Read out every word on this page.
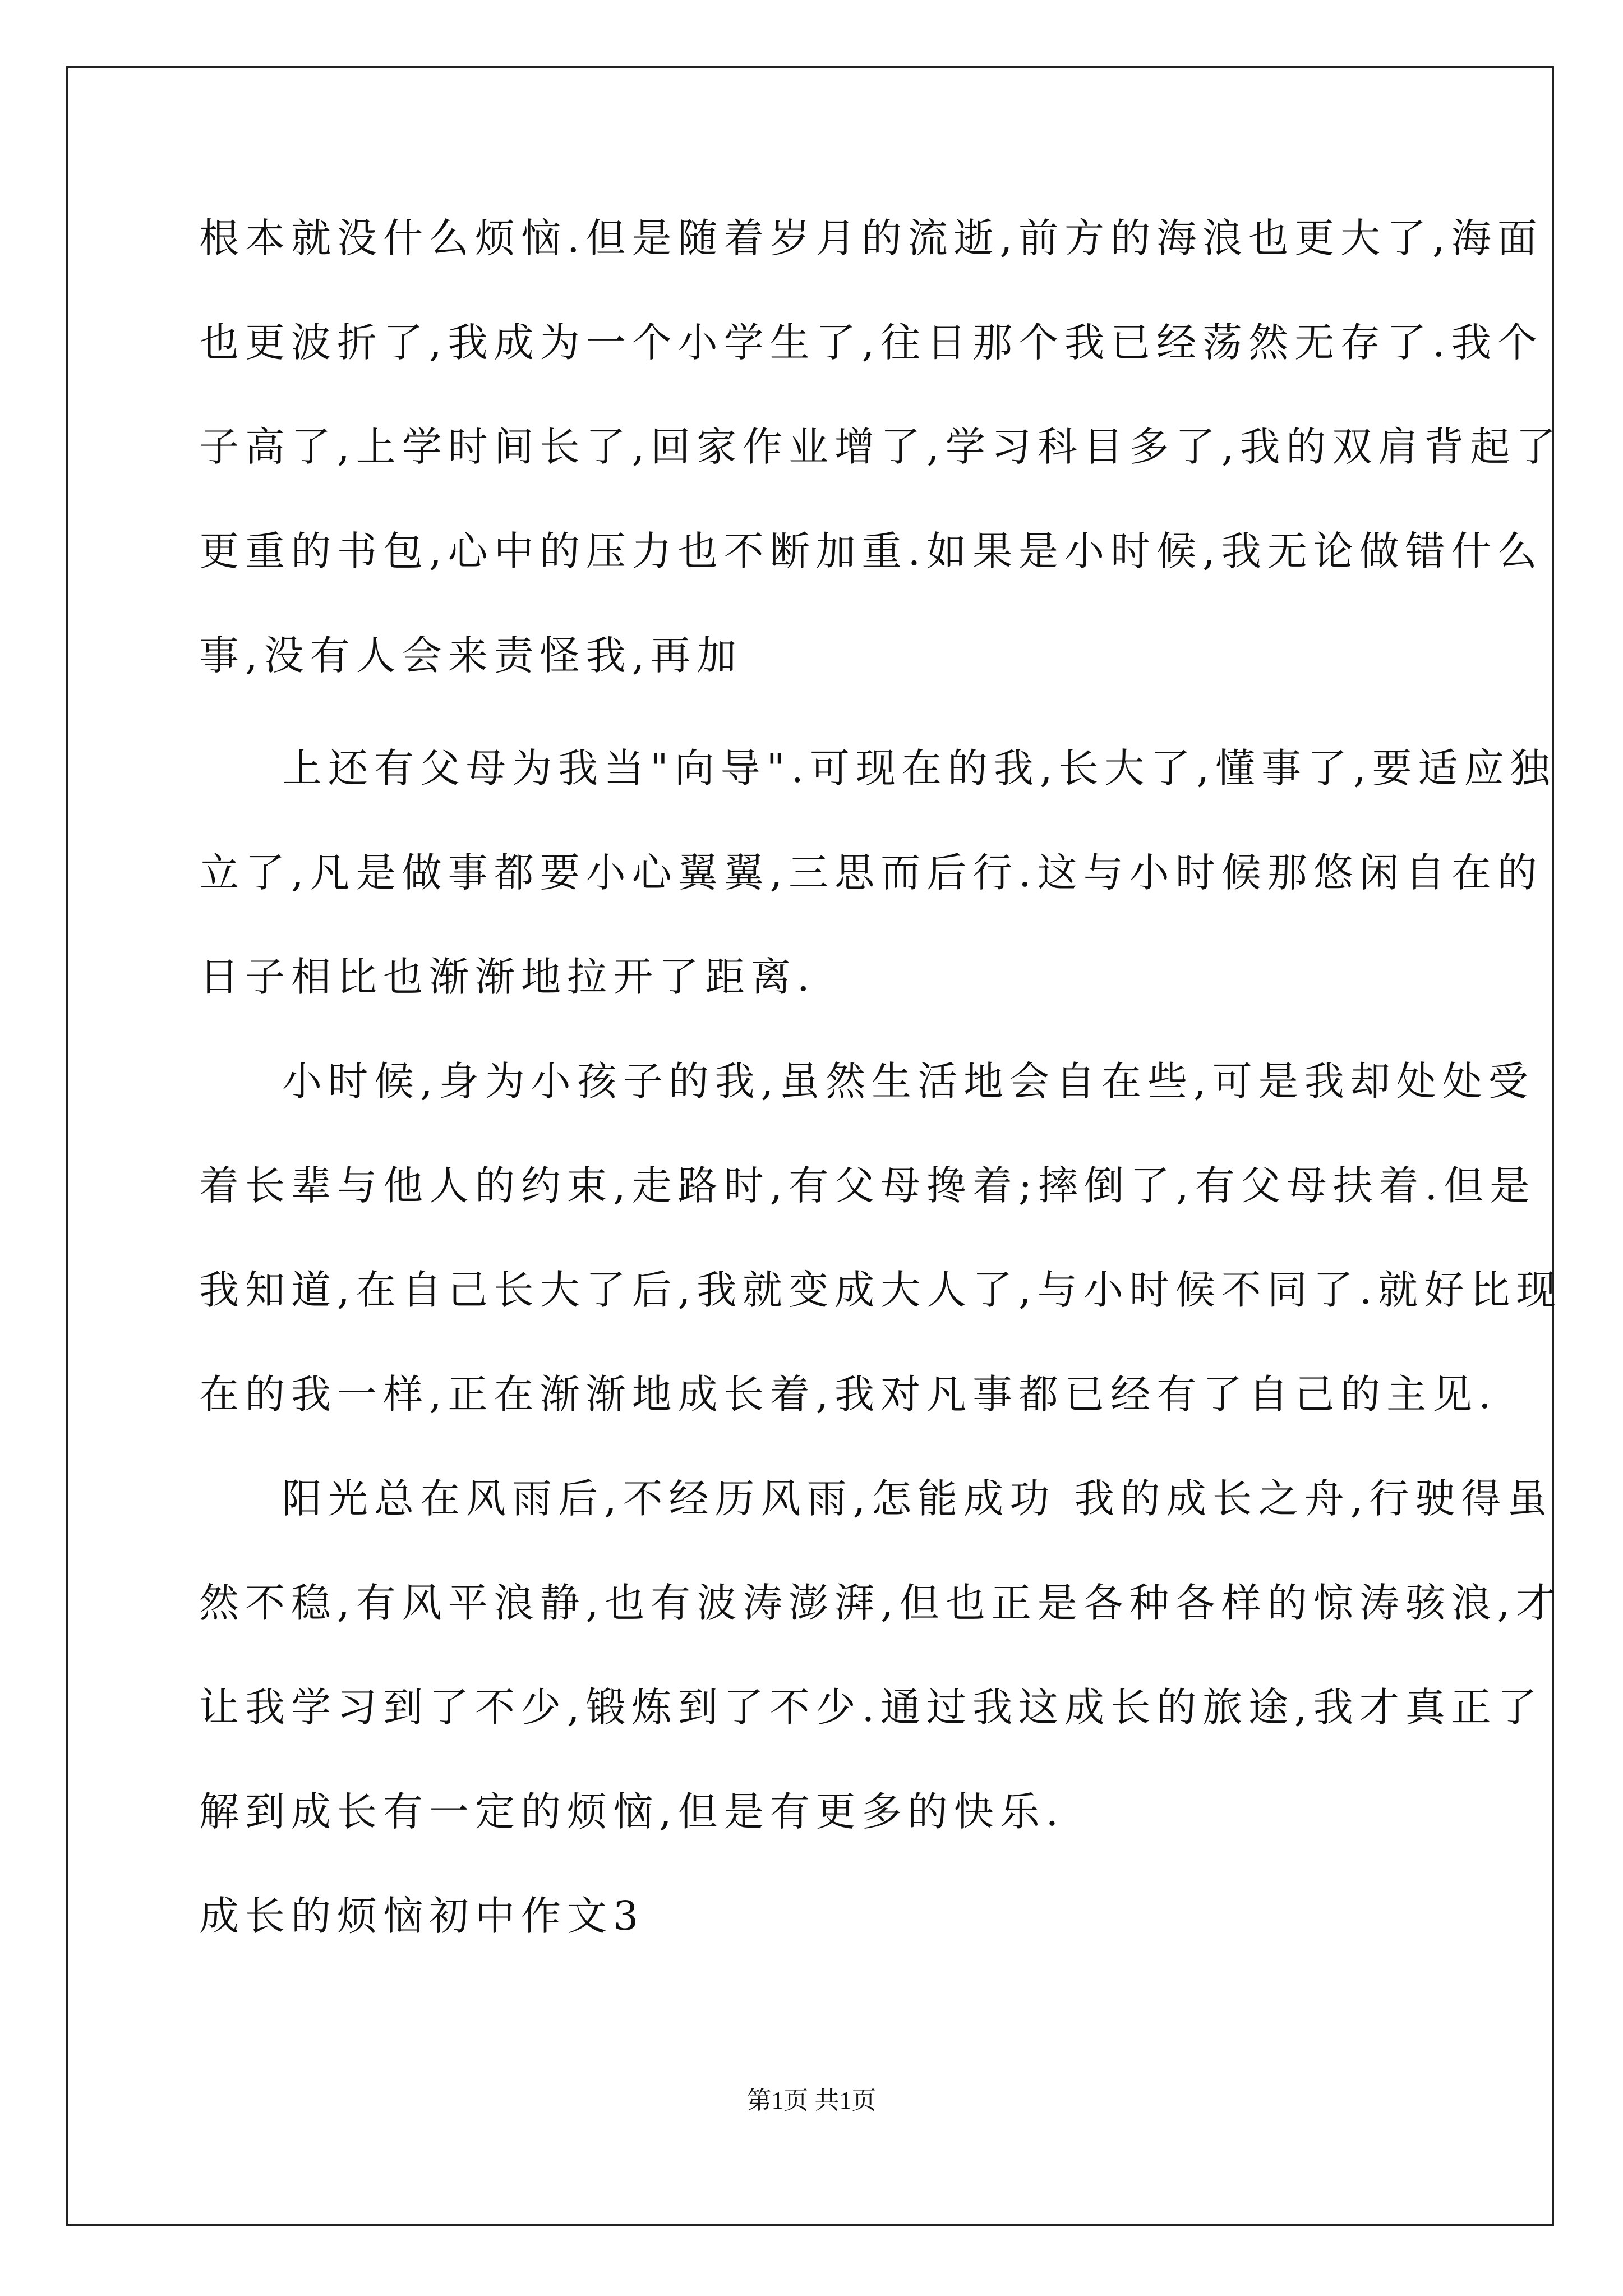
根本就没什么烦恼.但是随着岁月的流逝,前方的海浪也更大了,海面
也更波折了,我成为一个小学生了,往日那个我已经荡然无存了.我个
子高了,上学时间长了,回家作业增了,学习科目多了,我的双肩背起了
更重的书包,心中的压力也不断加重.如果是小时候,我无论做错什么
事,没有人会来责怪我,再加
上还有父母为我当"向导".可现在的我,长大了,懂事了,要适应独
立了,凡是做事都要小心翼翼,三思而后行.这与小时候那悠闲自在的
日子相比也渐渐地拉开了距离.
小时候,身为小孩子的我,虽然生活地会自在些,可是我却处处受
着长辈与他人的约束,走路时,有父母搀着;摔倒了,有父母扶着.但是
我知道,在自己长大了后,我就变成大人了,与小时候不同了.就好比现
在的我一样,正在渐渐地成长着,我对凡事都已经有了自己的主见.
阳光总在风雨后,不经历风雨,怎能成功 我的成长之舟,行驶得虽
然不稳,有风平浪静,也有波涛澎湃,但也正是各种各样的惊涛骇浪,才
让我学习到了不少,锻炼到了不少.通过我这成长的旅途,我才真正了
解到成长有一定的烦恼,但是有更多的快乐.
成长的烦恼初中作文3
第1页 共1页
